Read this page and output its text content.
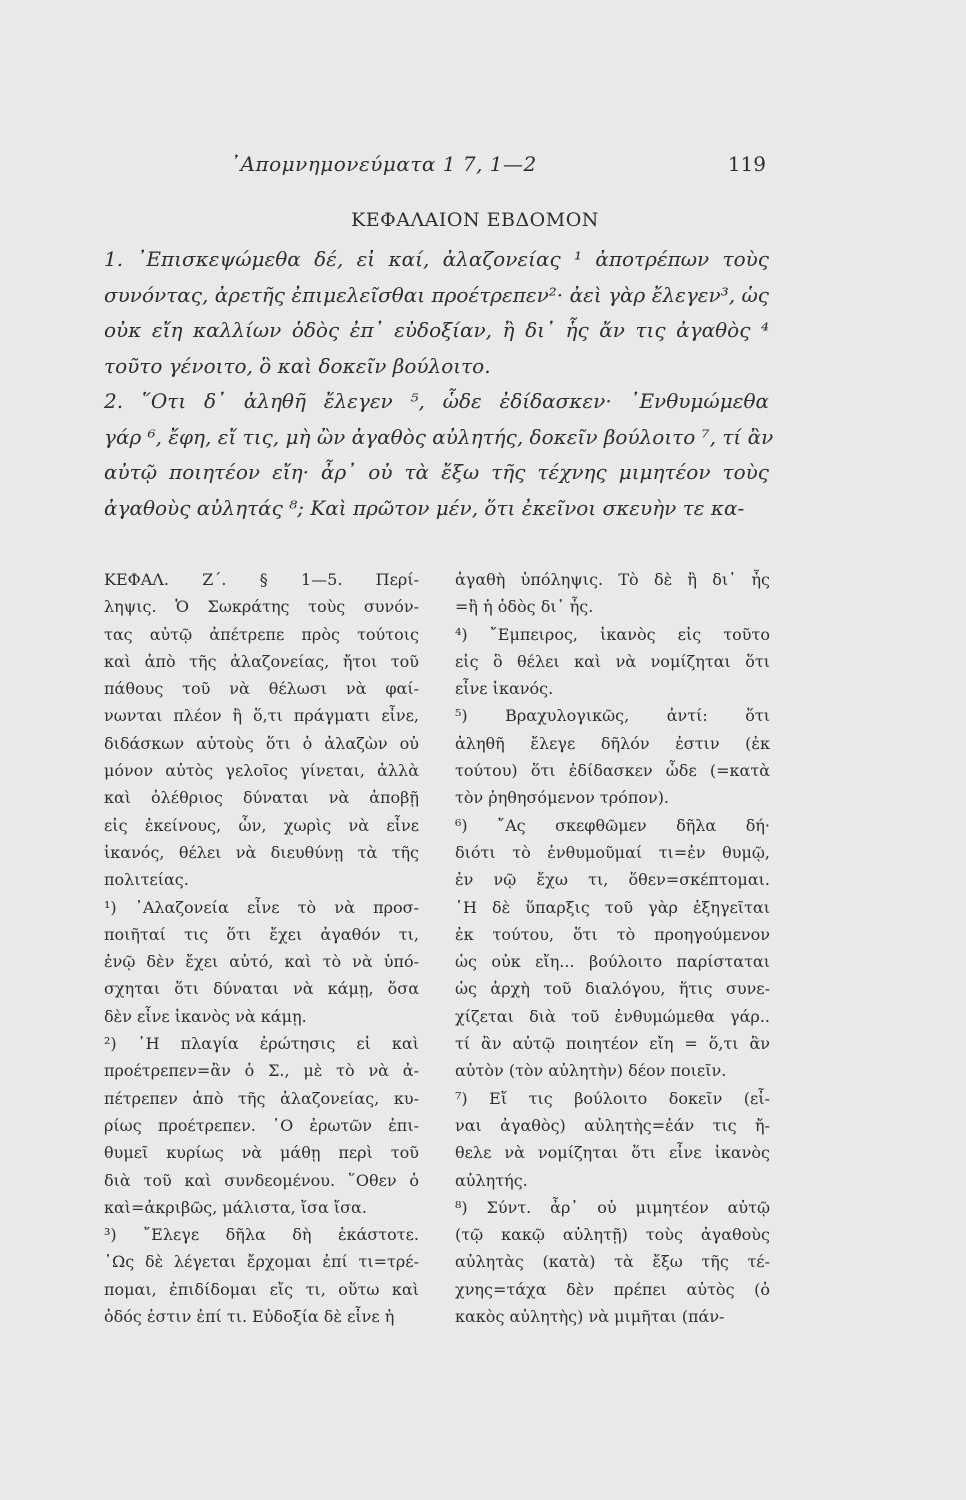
᾽Απομνημονεύματα 1 7, 1—2	119
ΚΕΦΑΛΑΙΟΝ ΕΒΔΟΜΟΝ
1. ᾽Επισκεψώμεθα δέ, εἰ καί, ἀλαζονείας ¹ ἀποτρέπων τοὺς
συνόντας, ἀρετῆς ἐπιμελεῖσθαι προέτρεπεν²· ἀεὶ γὰρ ἔλεγεν³, ὡς
οὐκ εἴη καλλίων ὁδὸς ἐπ᾽ εὐδοξίαν, ἢ δι᾽ ἧς ἄν τις ἀγαθὸς ⁴
τοῦτο γένοιτο, ὃ καὶ δοκεῖν βούλοιτο.
2. ῞Οτι δ᾽ ἀληθῆ ἔλεγεν ⁵, ὧδε ἐδίδασκεν· ᾽Ενθυμώμεθα
γάρ ⁶, ἔφη, εἴ τις, μὴ ὢν ἀγαθὸς αὐλητής, δοκεῖν βούλοιτο ⁷, τί ἂν
αὐτῷ ποιητέον εἴη· ἆρ᾽ οὐ τὰ ἔξω τῆς τέχνης μιμητέον τοὺς
ἀγαθοὺς αὐλητάς ⁸; Καὶ πρῶτον μέν, ὅτι ἐκεῖνοι σκευὴν τε κα-
ΚΕΦΑΛ. Ζ΄. § 1—5. Περί-
ληψις. Ὁ Σωκράτης τοὺς συνόν-
τας αὐτῷ ἀπέτρεπε πρὸς τούτοις
καὶ ἀπὸ τῆς ἀλαζονείας, ἤτοι τοῦ
πάθους τοῦ νὰ θέλωσι νὰ φαί-
νωνται πλέον ἢ ὅ,τι πράγματι εἶνε,
διδάσκων αὐτοὺς ὅτι ὁ ἀλαζὼν οὐ
μόνον αὐτὸς γελοῖος γίνεται, ἀλλὰ
καὶ ὀλέθριος δύναται νὰ ἀποβῇ
εἰς ἐκείνους, ὧν, χωρὶς νὰ εἶνε
ἱκανός, θέλει νὰ διευθύνῃ τὰ τῆς
πολιτείας.
¹) ᾽Αλαζονεία εἶνε τὸ νὰ προσ-
ποιῆταί τις ὅτι ἔχει ἀγαθόν τι,
ἐνῷ δὲν ἔχει αὐτό, καὶ τὸ νὰ ὑπό-
σχηται ὅτι δύναται νὰ κάμῃ, ὅσα
δὲν εἶνε ἱκανὸς νὰ κάμῃ.
²) ῾Η πλαγία ἐρώτησις εἰ καὶ
προέτρεπεν=ἂν ὁ Σ., μὲ τὸ νὰ ἀ-
πέτρεπεν ἀπὸ τῆς ἀλαζονείας, κυ-
ρίως προέτρεπεν. ῾Ο ἐρωτῶν ἐπι-
θυμεῖ κυρίως νὰ μάθῃ περὶ τοῦ
διὰ τοῦ καὶ συνδεομένου. ῞Οθεν ὁ
καὶ=ἀκριβῶς, μάλιστα, ἴσα ἴσα.
³) ῎Ελεγε δῆλα δὴ ἑκάστοτε.
῾Ως δὲ λέγεται ἔρχομαι ἐπί τι=τρέ-
πομαι, ἐπιδίδομαι εἴς τι, οὕτω καὶ
ὁδός ἐστιν ἐπί τι. Εὐδοξία δὲ εἶνε ἡ
ἀγαθὴ ὑπόληψις. Τὸ δὲ ἢ δι᾽ ἧς
=ἢ ἡ ὁδὸς δι᾽ ἧς.
⁴) ῎Εμπειρος, ἱκανὸς εἰς τοῦτο
εἰς ὃ θέλει καὶ νὰ νομίζηται ὅτι
εἶνε ἱκανός.
⁵) Βραχυλογικῶς, ἀντί: ὅτι
ἀληθῆ ἔλεγε δῆλόν ἐστιν (ἐκ
τούτου) ὅτι ἐδίδασκεν ὧδε (=κατὰ
τὸν ῥηθησόμενον τρόπον).
⁶) ῎Ας σκεφθῶμεν δῆλα δή·
διότι τὸ ἐνθυμοῦμαί τι=ἐν θυμῷ,
ἐν νῷ ἔχω τι, ὅθεν=σκέπτομαι.
῾Η δὲ ὕπαρξις τοῦ γὰρ ἐξηγεῖται
ἐκ τούτου, ὅτι τὸ προηγούμενον
ὡς οὐκ εἴη... βούλοιτο παρίσταται
ὡς ἀρχὴ τοῦ διαλόγου, ἥτις συνε-
χίζεται διὰ τοῦ ἐνθυμώμεθα γάρ..
τί ἂν αὐτῷ ποιητέον εἴη = ὅ,τι ἂν
αὐτὸν (τὸν αὐλητὴν) δέον ποιεῖν.
⁷) Εἴ τις βούλοιτο δοκεῖν (εἶ-
ναι ἀγαθὸς) αὐλητὴς=ἐάν τις ἤ-
θελε νὰ νομίζηται ὅτι εἶνε ἱκανὸς
αὐλητής.
⁸) Σύντ. ἆρ᾽ οὐ μιμητέον αὐτῷ
(τῷ κακῷ αὐλητῇ) τοὺς ἀγαθοὺς
αὐλητὰς (κατὰ) τὰ ἔξω τῆς τέ-
χνης=τάχα δὲν πρέπει αὐτὸς (ὁ
κακὸς αὐλητὴς) νὰ μιμῆται (πάν-
